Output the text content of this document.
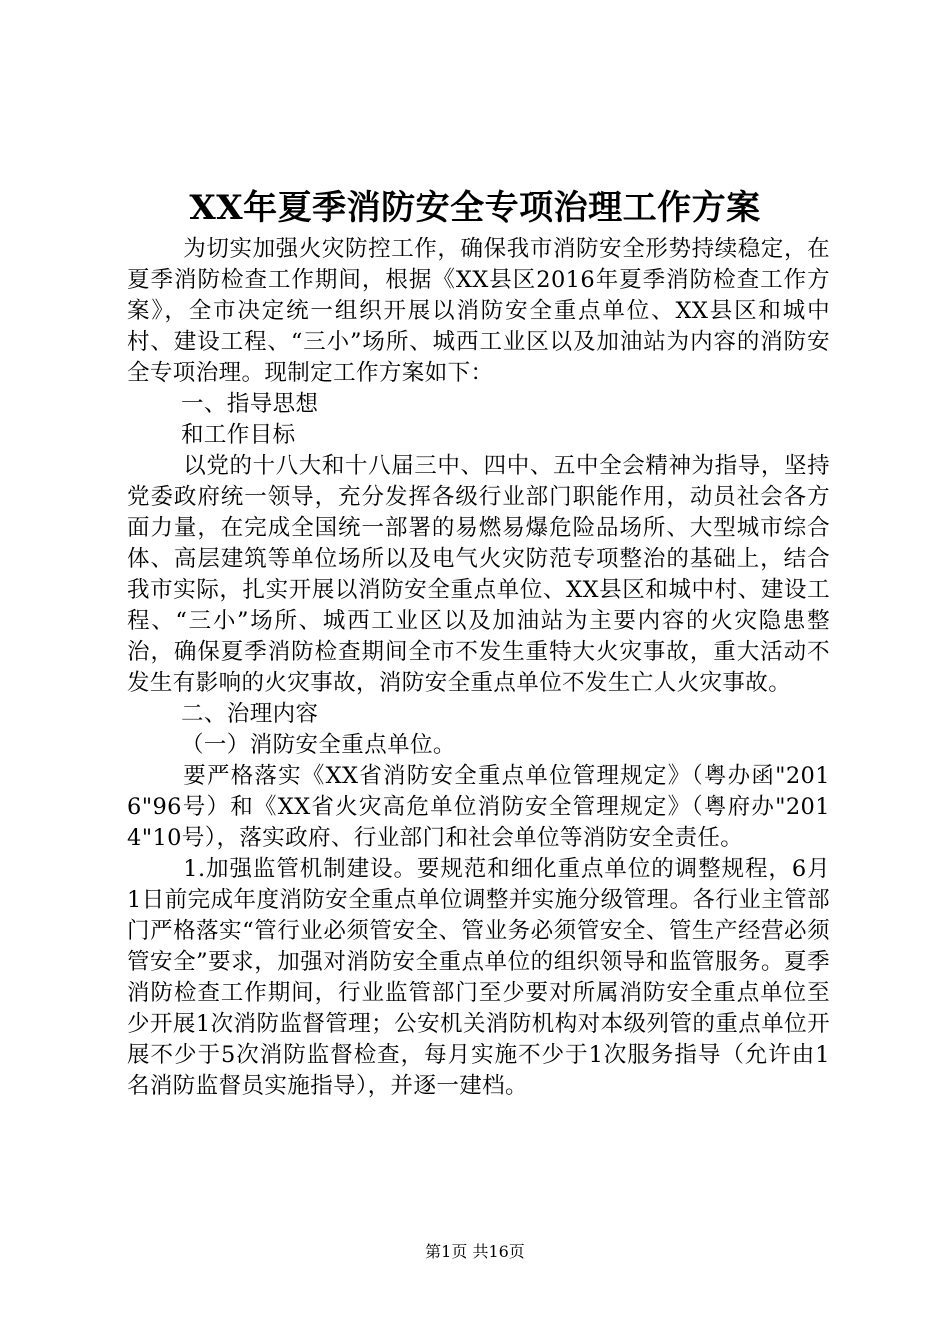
XX年夏季消防安全专项治理工作方案

为切实加强火灾防控工作，确保我市消防安全形势持续稳定，在夏季消防检查工作期间，根据《XX县区2016年夏季消防检查工作方案》，全市决定统一组织开展以消防安全重点单位、XX县区和城中村、建设工程、“三小”场所、城西工业区以及加油站为内容的消防安全专项治理。现制定工作方案如下：

一、指导思想

和工作目标

以党的十八大和十八届三中、四中、五中全会精神为指导，坚持党委政府统一领导，充分发挥各级行业部门职能作用，动员社会各方面力量，在完成全国统一部署的易燃易爆危险品场所、大型城市综合体、高层建筑等单位场所以及电气火灾防范专项整治的基础上，结合我市实际，扎实开展以消防安全重点单位、XX县区和城中村、建设工程、“三小”场所、城西工业区以及加油站为主要内容的火灾隐患整治，确保夏季消防检查期间全市不发生重特大火灾事故，重大活动不发生有影响的火灾事故，消防安全重点单位不发生亡人火灾事故。

二、治理内容

（一）消防安全重点单位。

要严格落实《XX省消防安全重点单位管理规定》（粤办函"2016"96号）和《XX省火灾高危单位消防安全管理规定》（粤府办"2014"10号），落实政府、行业部门和社会单位等消防安全责任。

1.加强监管机制建设。要规范和细化重点单位的调整规程，6月1日前完成年度消防安全重点单位调整并实施分级管理。各行业主管部门严格落实“管行业必须管安全、管业务必须管安全、管生产经营必须管安全”要求，加强对消防安全重点单位的组织领导和监管服务。夏季消防检查工作期间，行业监管部门至少要对所属消防安全重点单位至少开展1次消防监督管理；公安机关消防机构对本级列管的重点单位开展不少于5次消防监督检查，每月实施不少于1次服务指导（允许由1名消防监督员实施指导），并逐一建档。

第1页 共16页
